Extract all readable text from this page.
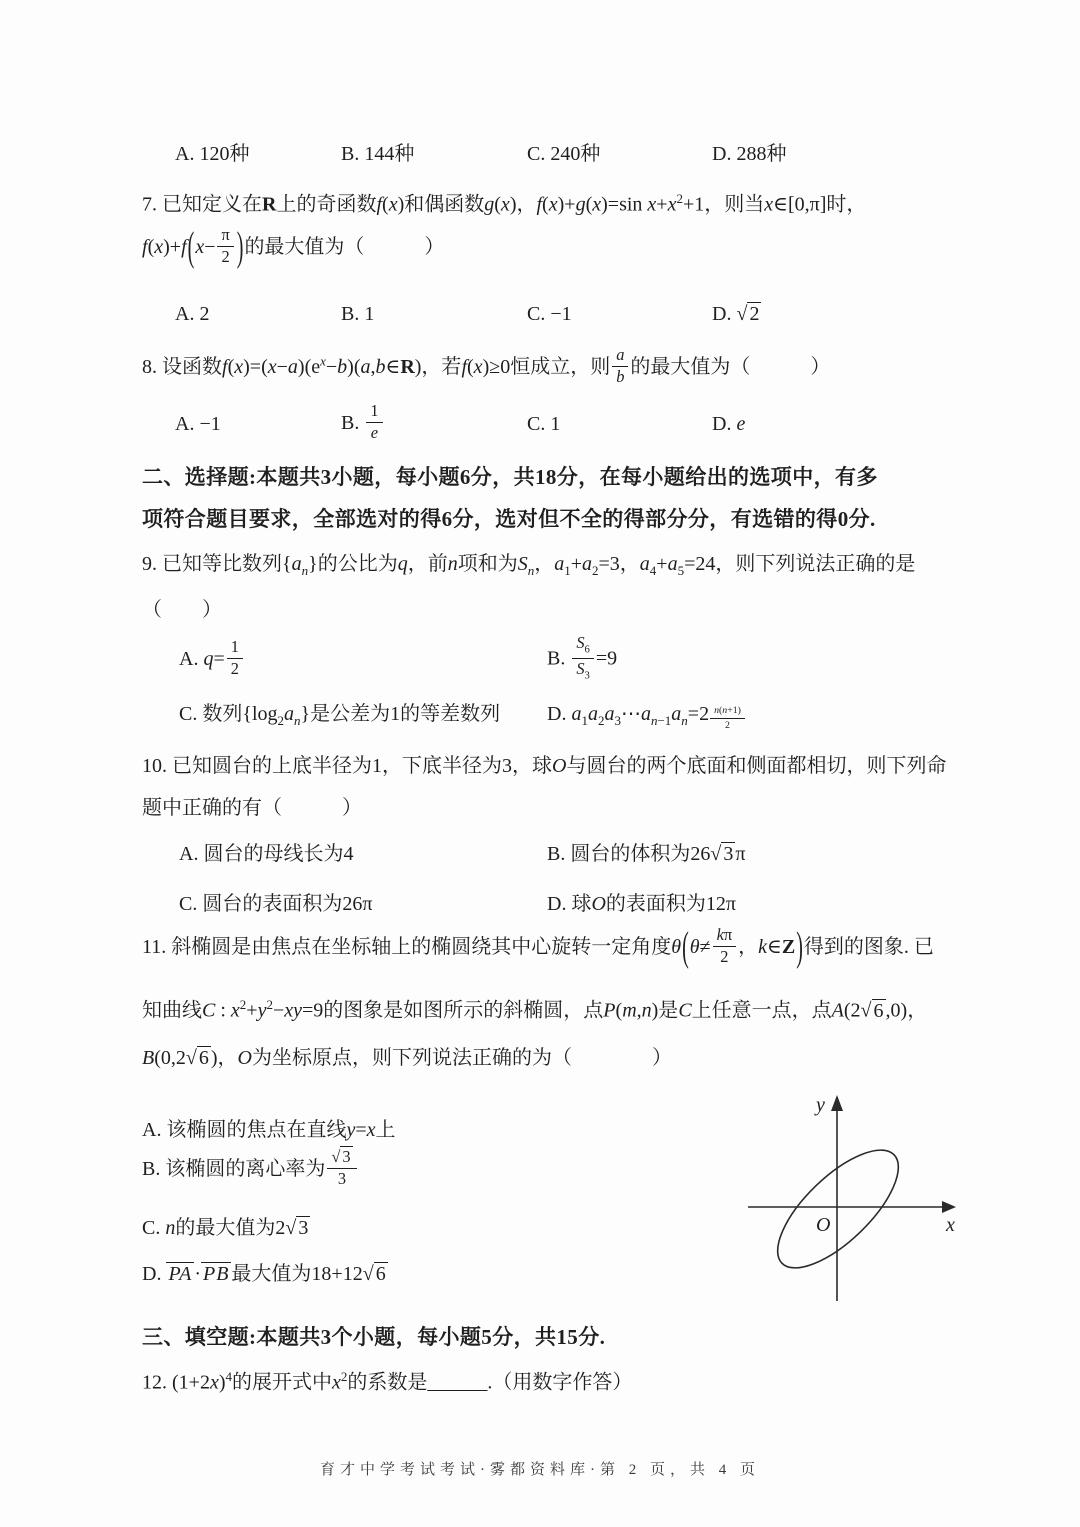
A. 120种	B. 144种	C. 240种	D. 288种
7. 已知定义在R上的奇函数f(x)和偶函数g(x)，f(x)+g(x)=sin $x+x^2+1$，则当x∈[0,π]时，
$f(x)+f(x- \frac{\pi}{2}$ )的最大值为（　　　）
A. 2	B. 1	C. −1	D. √ 2
8. 设函数$f(x)=(x-a)(e^x-b)(a,b\in R)$，若f(x)≥0恒成立，则 $\frac{a}{b}$ 的最大值为（　　　）
A. −1	B. $\frac{1}{e}$	C. 1	D. e
二、选择题:本题共3小题，每小题6分，共18分，在每小题给出的选项中，有多
项符合题目要求，全部选对的得6分，选对但不全的得部分分，有选错的得0分.
9. 已知等比数列$\{a_n\}$的公比为q，前n项和为$S_n$，$a_1+a_2=3$，$a_4+a_5=24$，则下列说法正确的是
（　　）
A. $q= \frac{1}{2}$	B. $\frac{S_6}{S_3} =9$
C. 数列$\{\log_2a_n\}$是公差为1的等差数列	D. $a_1a_2a_3\cdots a_{n-1}a_n=2 \frac{n(n+1)}{2}$
10. 已知圆台的上底半径为1，下底半径为3，球O与圆台的两个底面和侧面都相切，则下列命
题中正确的有（　　　）
A. 圆台的母线长为4	B. 圆台的体积为26√ 3 π
C. 圆台的表面积为26π	D. 球O的表面积为12π
11. 斜椭圆是由焦点在坐标轴上的椭圆绕其中心旋转一定角度$\theta(\theta\ne \frac{k\pi}{2}$ ，k∈Z)得到的图象. 已
知曲线C : $x^2+y^2-xy=9$的图象是如图所示的斜椭圆，点P(m,n)是C上任意一点，点A(2√ 6 ,0)，
B(0,2√ 6 )，O为坐标原点，则下列说法正确的为（　　　　）
A. 该椭圆的焦点在直线y=x上
B. 该椭圆的离心率为 $\frac{√ 3}{3}$
C. n的最大值为2√ 3
D. PA · PB 最大值为18+12√ 6
y
x
O
三、填空题:本题共3个小题，每小题5分，共15分.
12. $(1+2x)^4$的展开式中$x^2$的系数是______.（用数字作答）
育才中学考试考试·雾都资料库·第 2 页，共 4 页
